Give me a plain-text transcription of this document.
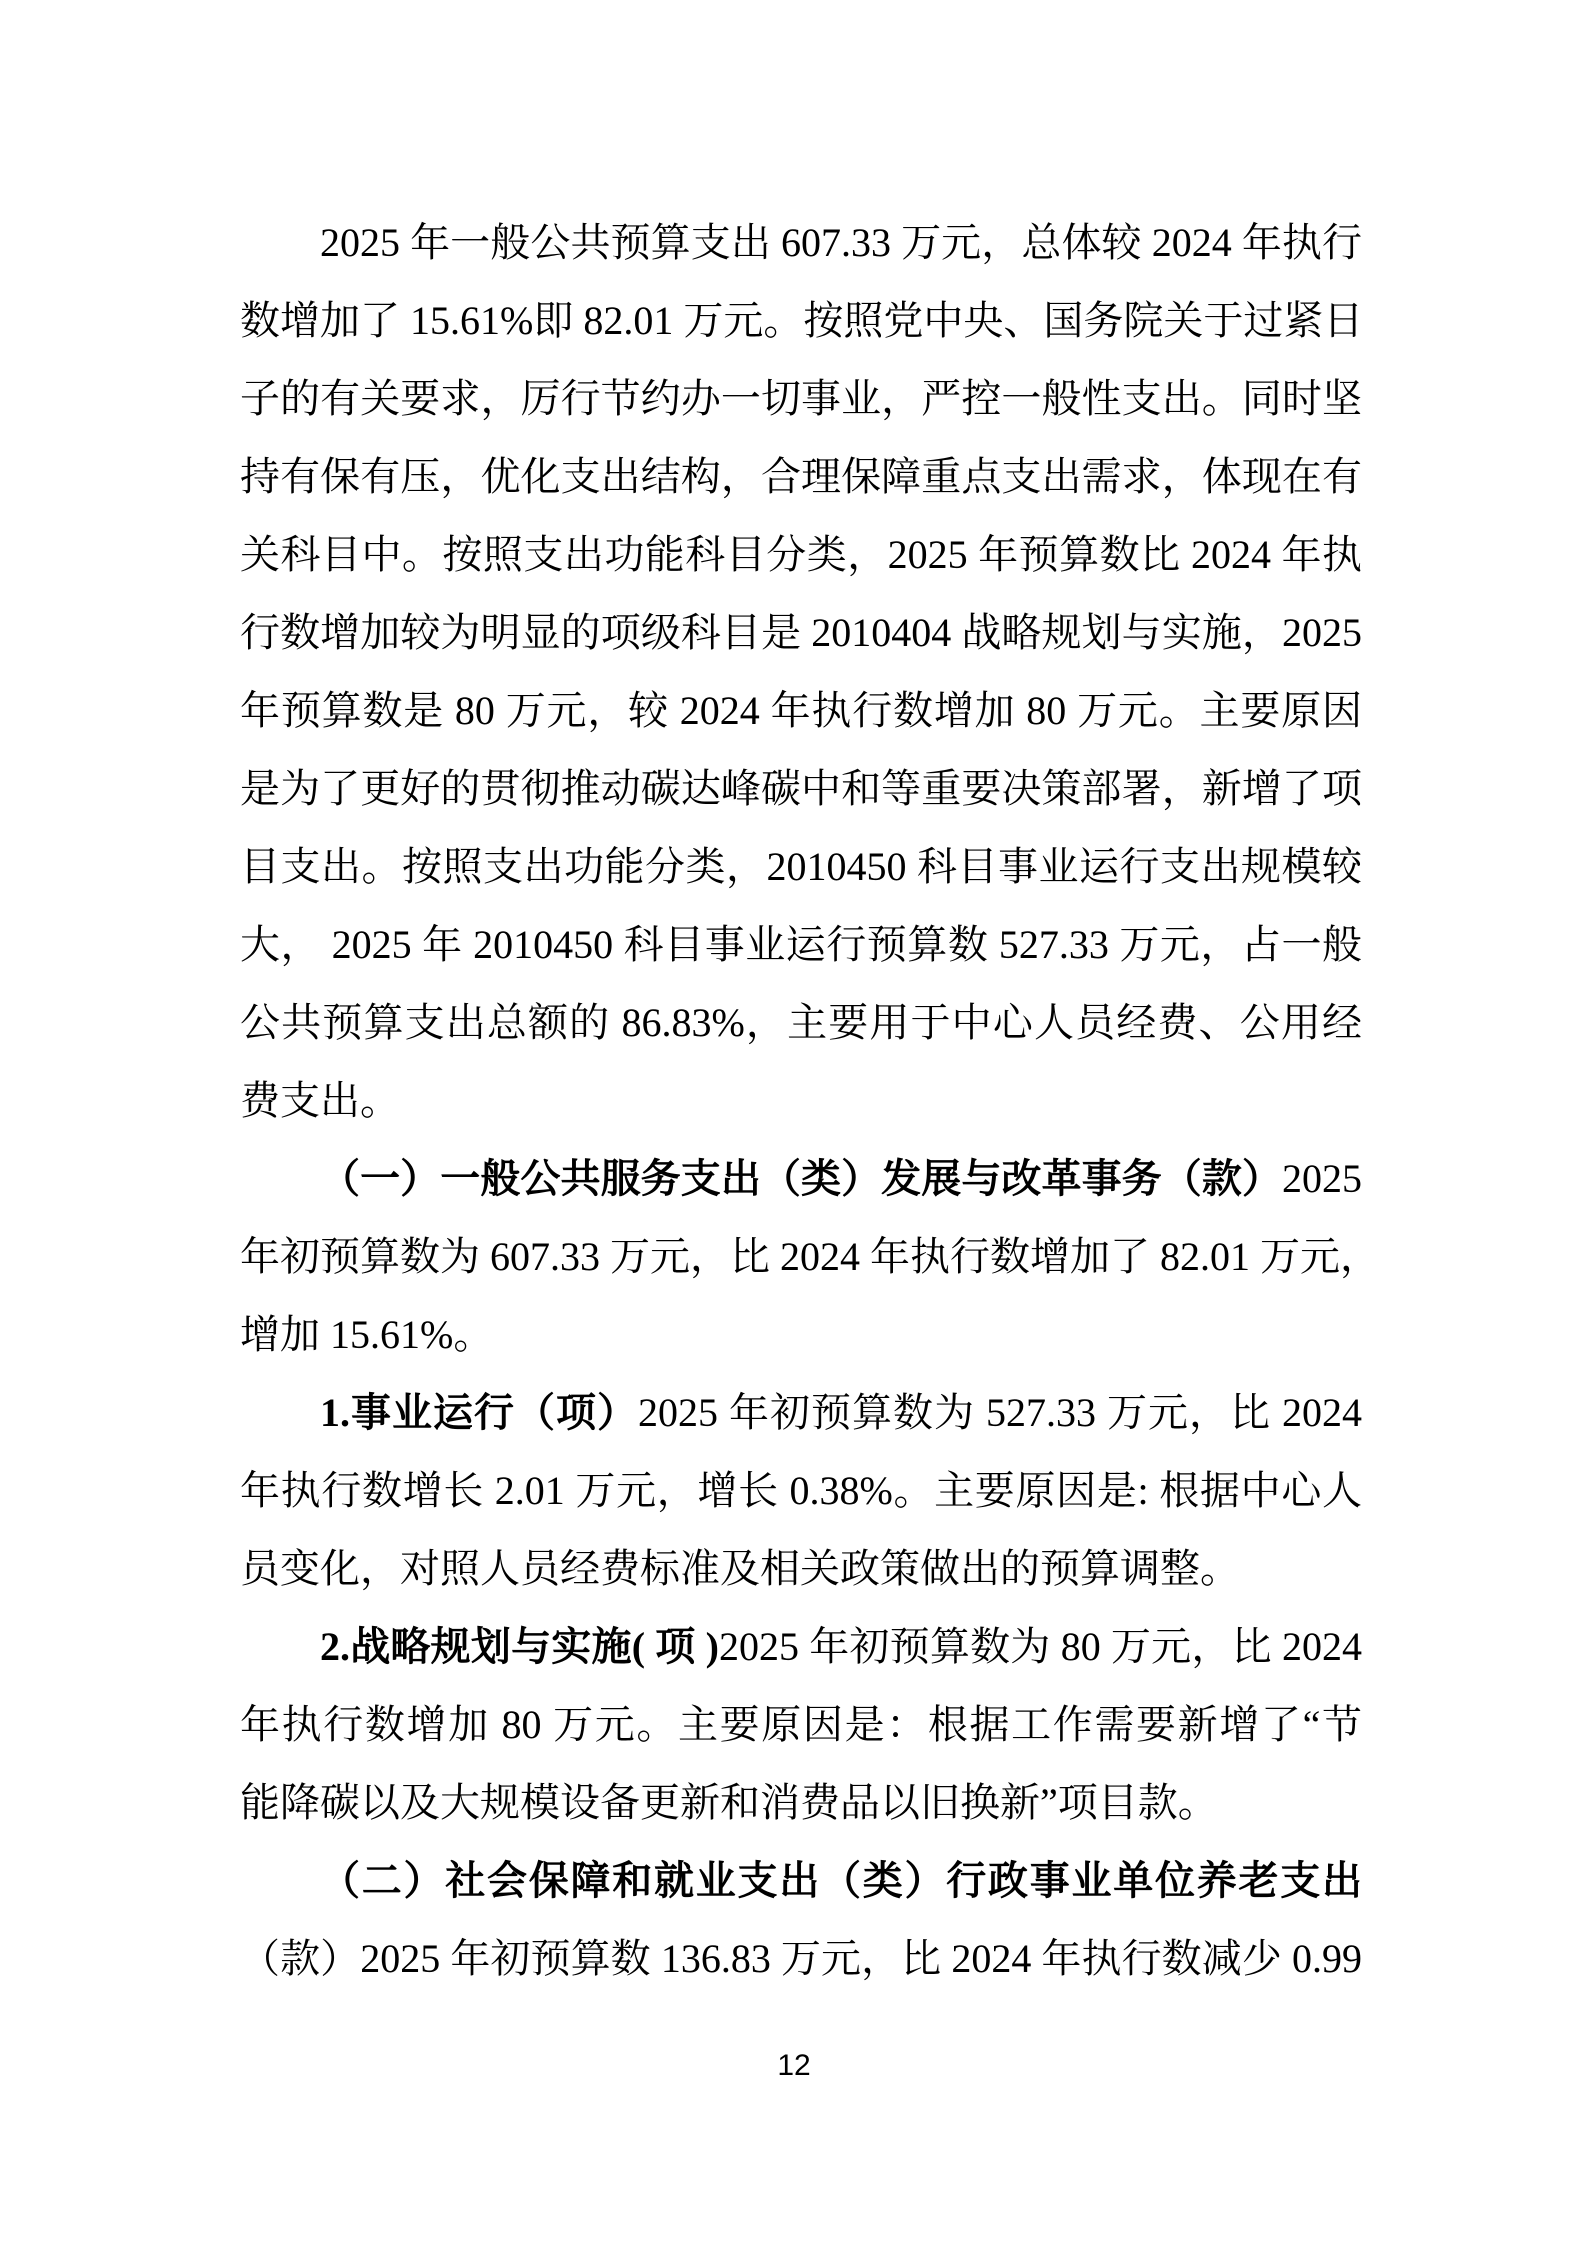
2025 年一般公共预算支出 607.33 万元，总体较 2024 年执行
数增加了 15.61%即 82.01 万元。按照党中央、国务院关于过紧日
子的有关要求，厉行节约办一切事业，严控一般性支出。同时坚
持有保有压，优化支出结构，合理保障重点支出需求，体现在有
关科目中。按照支出功能科目分类，2025 年预算数比 2024 年执
行数增加较为明显的项级科目是 2010404 战略规划与实施，2025
年预算数是 80 万元，较 2024 年执行数增加 80 万元。主要原因
是为了更好的贯彻推动碳达峰碳中和等重要决策部署，新增了项
目支出。按照支出功能分类，2010450 科目事业运行支出规模较
大， 2025 年 2010450 科目事业运行预算数 527.33 万元，占一般
公共预算支出总额的 86.83%，主要用于中心人员经费、公用经
费支出。
（一）一般公共服务支出（类）发展与改革事务（款）2025
年初预算数为 607.33 万元，比 2024 年执行数增加了 82.01 万元，
增加 15.61%。
1.事业运行（项）2025 年初预算数为 527.33 万元，比 2024
年执行数增长 2.01 万元，增长 0.38%。主要原因是: 根据中心人
员变化，对照人员经费标准及相关政策做出的预算调整。
2.战略规划与实施( 项 )2025 年初预算数为 80 万元，比 2024
年执行数增加 80 万元。主要原因是：根据工作需要新增了“节
能降碳以及大规模设备更新和消费品以旧换新”项目款。
（二）社会保障和就业支出（类）行政事业单位养老支出
（款）2025 年初预算数 136.83 万元，比 2024 年执行数减少 0.99
12
